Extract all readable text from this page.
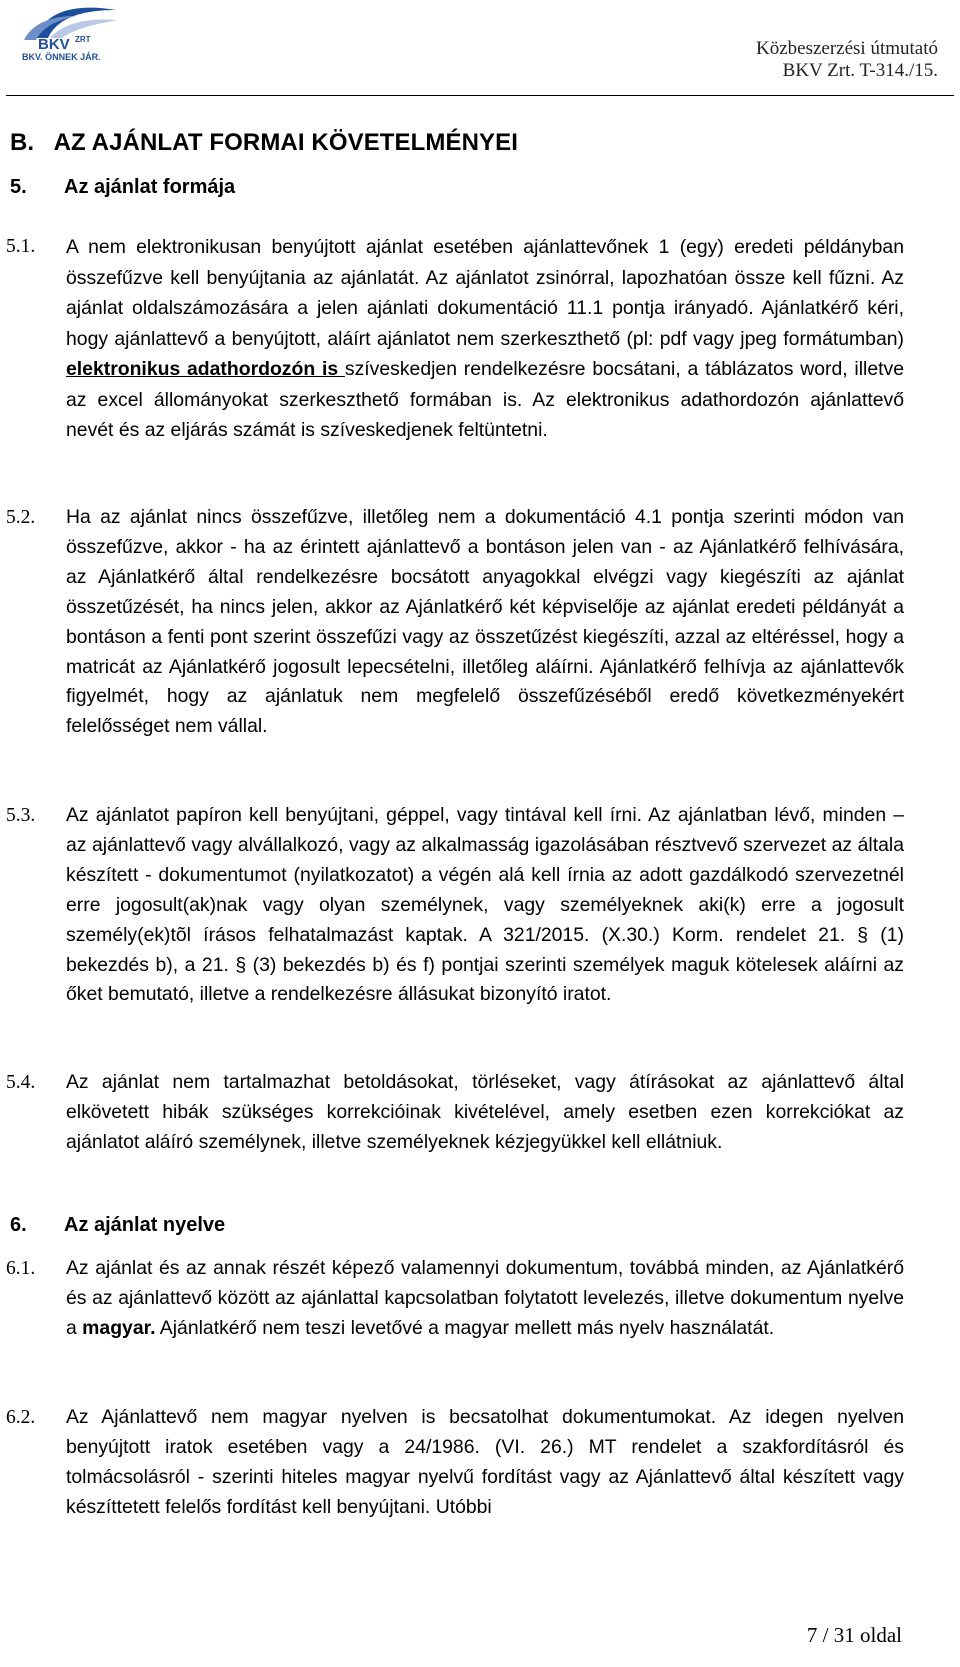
BKV ZRT
BKV. ÖNNEK JÁR.	Közbeszerzési útmutató
BKV Zrt. T-314./15.
B.   AZ AJÁNLAT FORMAI KÖVETELMÉNYEI
5. Az ajánlat formája
5.1. A nem elektronikusan benyújtott ajánlat esetében ajánlattevőnek 1 (egy) eredeti példányban összefűzve kell benyújtania az ajánlatát. Az ajánlatot zsinórral, lapozhatóan össze kell fűzni. Az ajánlat oldalszámozására a jelen ajánlati dokumentáció 11.1 pontja irányadó. Ajánlatkérő kéri, hogy ajánlattevő a benyújtott, aláírt ajánlatot nem szerkeszthető (pl: pdf vagy jpeg formátumban) elektronikus adathordozón is szíveskedjen rendelkezésre bocsátani, a táblázatos word, illetve az excel állományokat szerkeszthető formában is. Az elektronikus adathordozón ajánlattevő nevét és az eljárás számát is szíveskedjenek feltüntetni.
5.2. Ha az ajánlat nincs összefűzve, illetőleg nem a dokumentáció 4.1 pontja szerinti módon van összefűzve, akkor - ha az érintett ajánlattevő a bontáson jelen van - az Ajánlatkérő felhívására, az Ajánlatkérő által rendelkezésre bocsátott anyagokkal elvégzi vagy kiegészíti az ajánlat összetűzését, ha nincs jelen, akkor az Ajánlatkérő két képviselője az ajánlat eredeti példányát a bontáson a fenti pont szerint összefűzi vagy az összetűzést kiegészíti, azzal az eltéréssel, hogy a matricát az Ajánlatkérő jogosult lepecsételni, illetőleg aláírni. Ajánlatkérő felhívja az ajánlattevők figyelmét, hogy az ajánlatuk nem megfelelő összefűzéséből eredő következményekért felelősséget nem vállal.
5.3. Az ajánlatot papíron kell benyújtani, géppel, vagy tintával kell írni. Az ajánlatban lévő, minden – az ajánlattevő vagy alvállalkozó, vagy az alkalmasság igazolásában résztvevő szervezet az általa készített - dokumentumot (nyilatkozatot) a végén alá kell írnia az adott gazdálkodó szervezetnél erre jogosult(ak)nak vagy olyan személynek, vagy személyeknek aki(k) erre a jogosult személy(ek)tõl írásos felhatalmazást kaptak. A 321/2015. (X.30.) Korm. rendelet 21. § (1) bekezdés b), a 21. § (3) bekezdés b) és f) pontjai szerinti személyek maguk kötelesek aláírni az őket bemutató, illetve a rendelkezésre állásukat bizonyító iratot.
5.4. Az ajánlat nem tartalmazhat betoldásokat, törléseket, vagy átírásokat az ajánlattevő által elkövetett hibák szükséges korrekcióinak kivételével, amely esetben ezen korrekciókat az ajánlatot aláíró személynek, illetve személyeknek kézjegyükkel kell ellátniuk.
6. Az ajánlat nyelve
6.1. Az ajánlat és az annak részét képező valamennyi dokumentum, továbbá minden, az Ajánlatkérő és az ajánlattevő között az ajánlattal kapcsolatban folytatott levelezés, illetve dokumentum nyelve a magyar. Ajánlatkérő nem teszi levetővé a magyar mellett más nyelv használatát.
6.2. Az Ajánlattevő nem magyar nyelven is becsatolhat dokumentumokat. Az idegen nyelven benyújtott iratok esetében vagy a 24/1986. (VI. 26.) MT rendelet a szakfordításról és tolmácsolásról - szerinti hiteles magyar nyelvű fordítást vagy az Ajánlattevő által készített vagy készíttetett felelős fordítást kell benyújtani. Utóbbi
7 / 31 oldal
